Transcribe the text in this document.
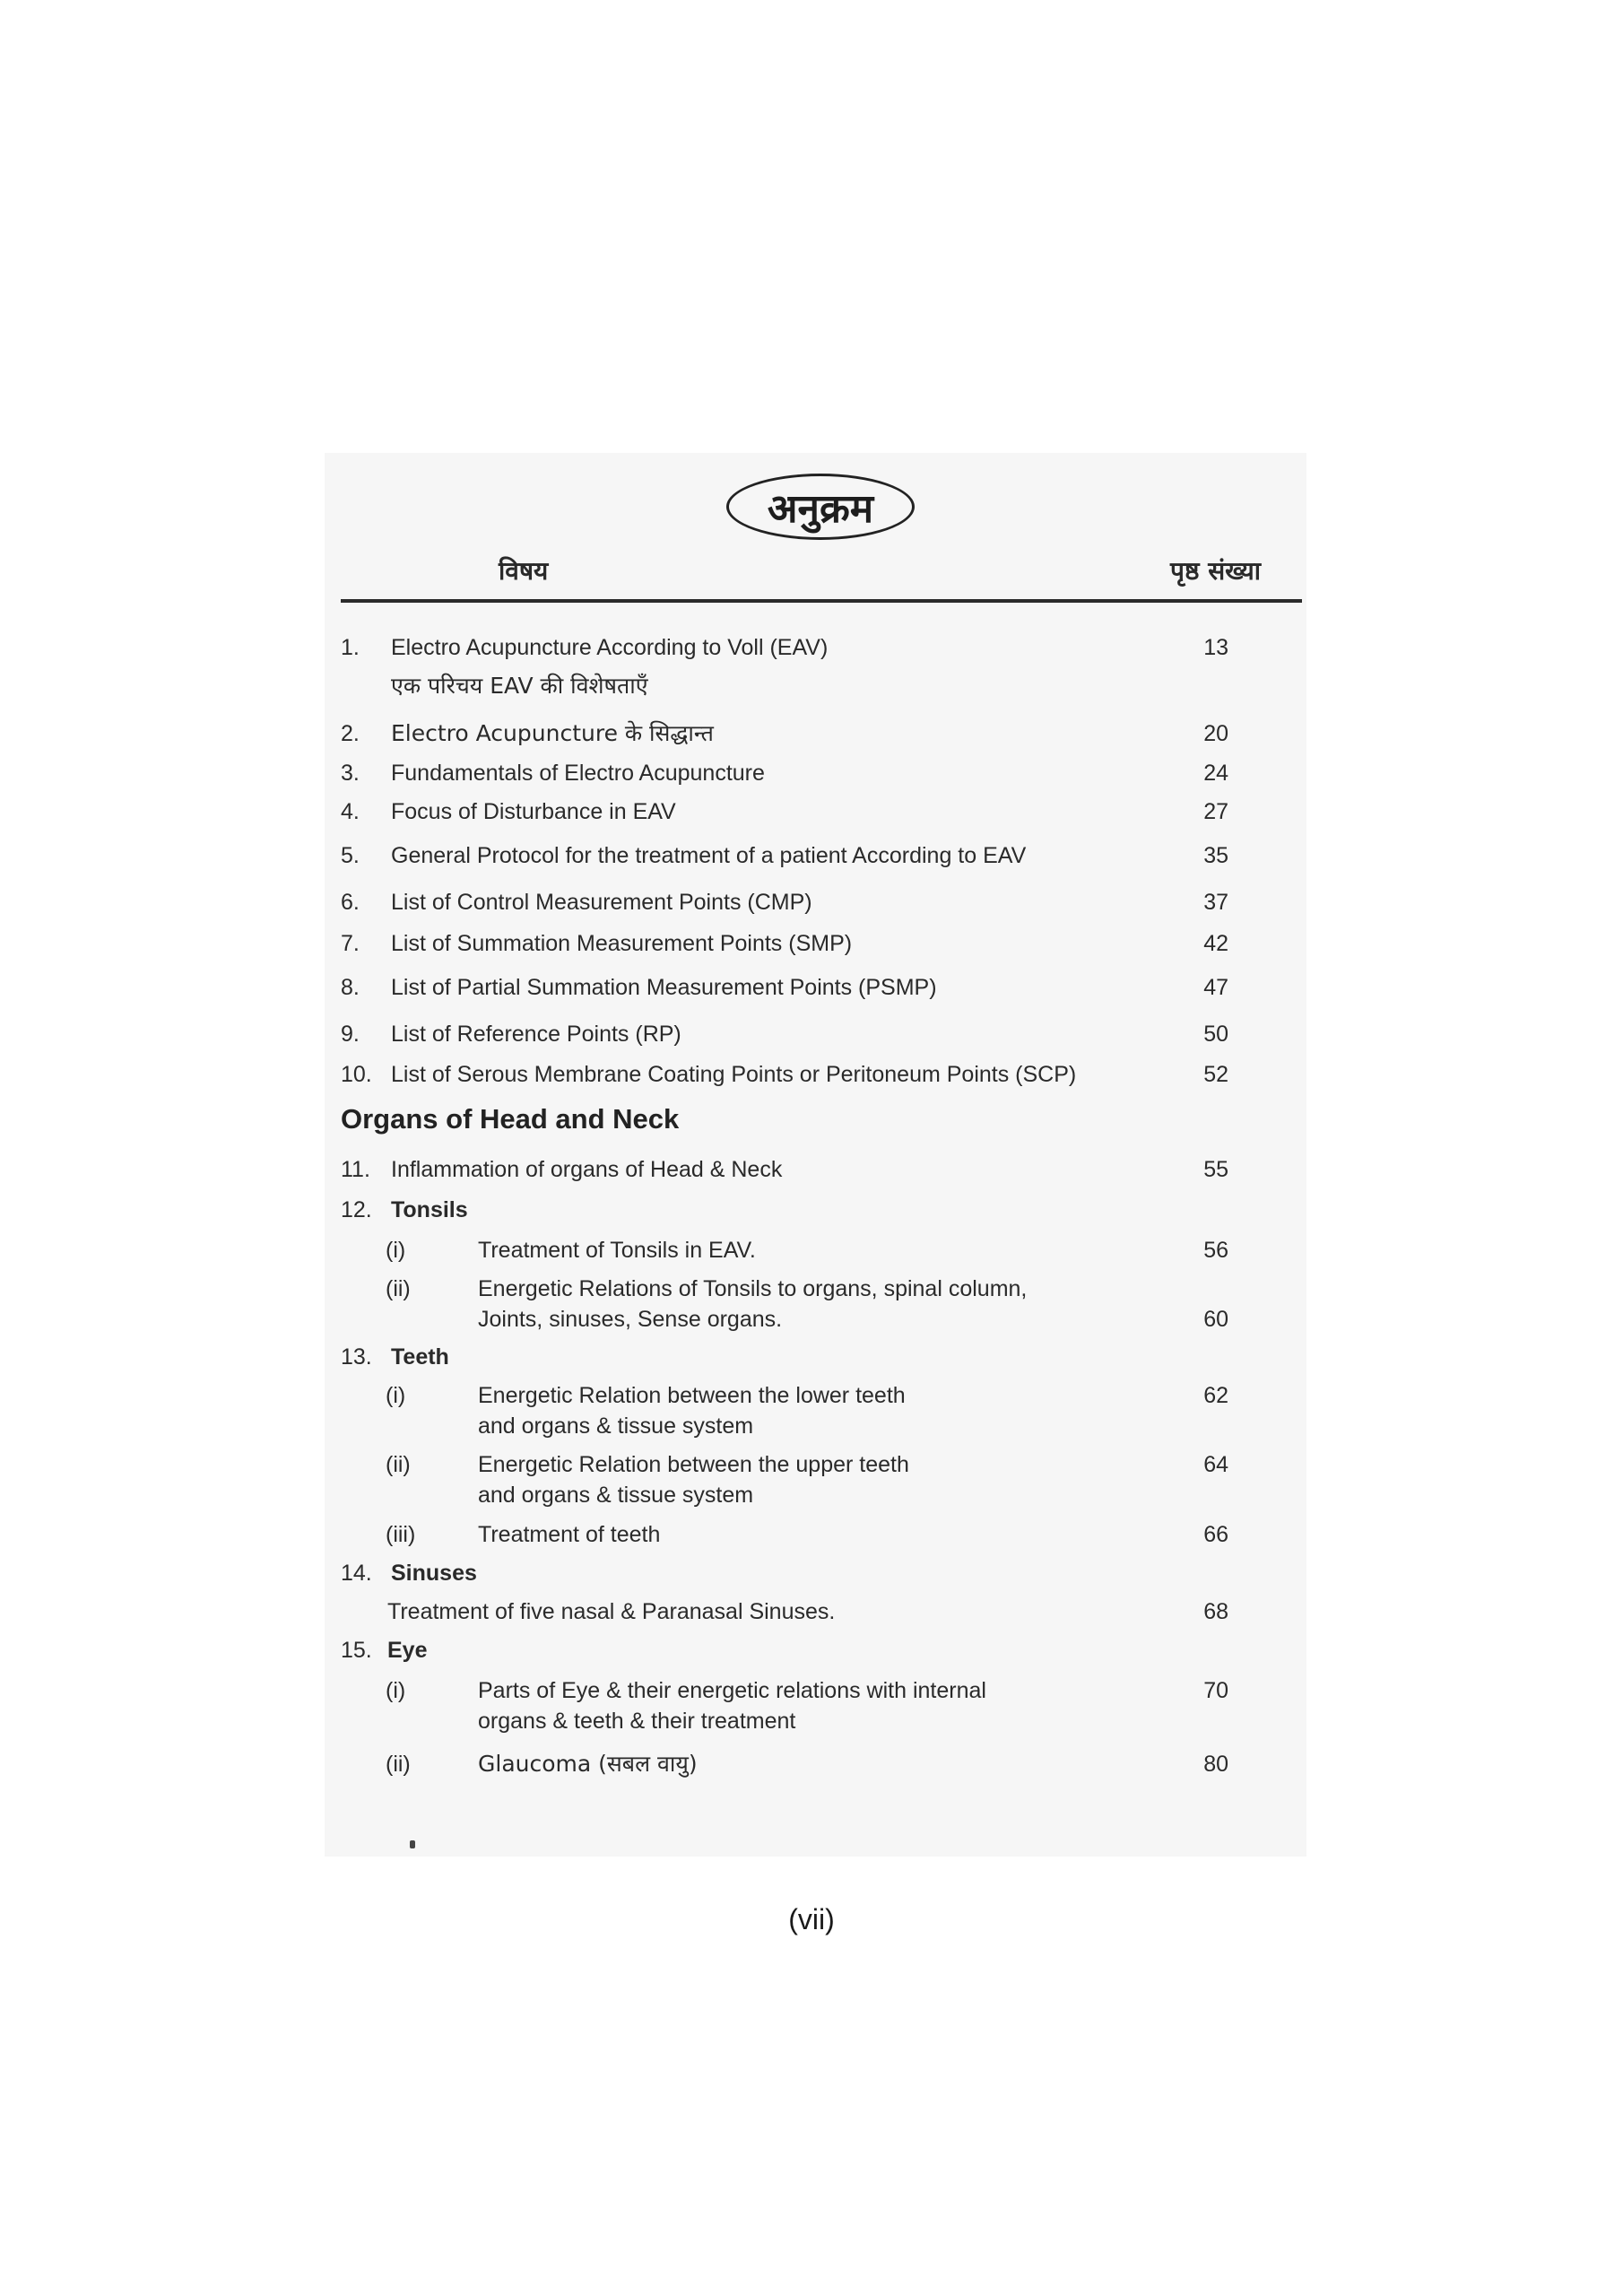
अनुक्रम
विषय	पृष्ठ संख्या
1. Electro Acupuncture According to Voll (EAV)	13
एक परिचय EAV की विशेषताएँ
2. Electro Acupuncture के सिद्धान्त	20
3. Fundamentals of Electro Acupuncture	24
4. Focus of Disturbance in EAV	27
5. General Protocol for the treatment of a patient According to EAV	35
6. List of Control Measurement Points (CMP)	37
7. List of Summation Measurement Points (SMP)	42
8. List of Partial Summation Measurement Points (PSMP)	47
9. List of Reference Points (RP)	50
10. List of Serous Membrane Coating Points or Peritoneum Points (SCP)	52
Organs of Head and Neck
11. Inflammation of organs of Head & Neck	55
12. Tonsils
(i)	Treatment of Tonsils in EAV.	56
(ii)	Energetic Relations of Tonsils to organs, spinal column,
Joints, sinuses, Sense organs.	60
13. Teeth
(i)	Energetic Relation between the lower teeth	62
and organs & tissue system
(ii)	Energetic Relation between the upper teeth	64
and organs & tissue system
(iii)	Treatment of teeth	66
14. Sinuses
Treatment of five nasal & Paranasal Sinuses.	68
15. Eye
(i)	Parts of Eye & their energetic relations with internal	70
organs & teeth & their treatment
(ii)	Glaucoma (सबल वायु)	80
(vii)
